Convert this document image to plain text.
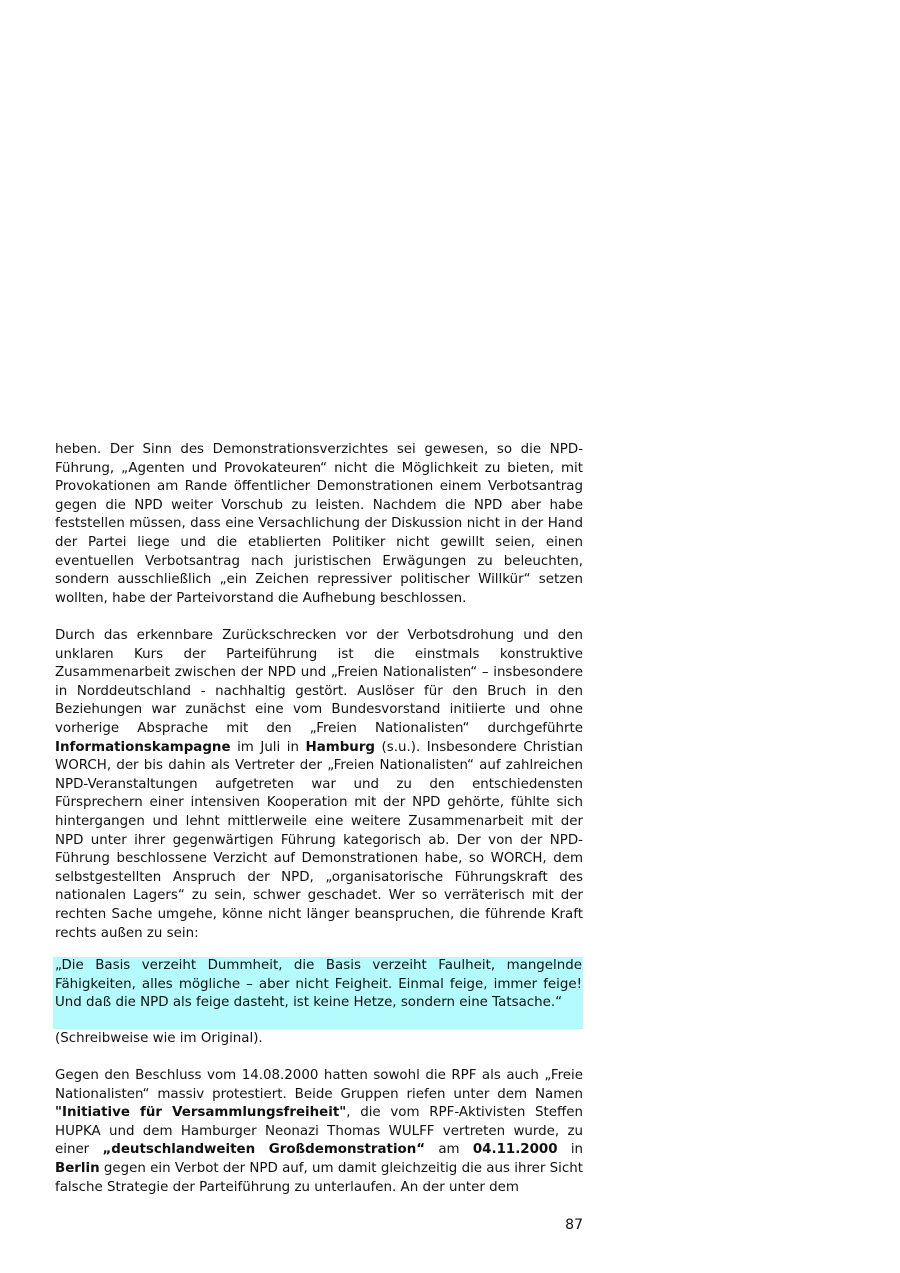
heben. Der Sinn des Demonstrationsverzichtes sei gewesen, so die NPD-Führung, „Agenten und Provokateuren“ nicht die Möglichkeit zu bieten, mit Provokationen am Rande öffentlicher Demonstrationen einem Verbotsantrag gegen die NPD weiter Vorschub zu leisten. Nachdem die NPD aber habe feststellen müssen, dass eine Versachlichung der Diskussion nicht in der Hand der Partei liege und die etablierten Politiker nicht gewillt seien, einen eventuellen Verbotsantrag nach juristischen Erwägungen zu beleuchten, sondern ausschließlich „ein Zeichen repressiver politischer Willkür“ setzen wollten, habe der Parteivorstand die Aufhebung beschlossen.

Durch das erkennbare Zurückschrecken vor der Verbotsdrohung und den unklaren Kurs der Parteiführung ist die einstmals konstruktive Zusammenarbeit zwischen der NPD und „Freien Nationalisten“ – insbesondere in Norddeutschland - nachhaltig gestört. Auslöser für den Bruch in den Beziehungen war zunächst eine vom Bundesvorstand initiierte und ohne vorherige Absprache mit den „Freien Nationalisten“ durchgeführte Informationskampagne im Juli in Hamburg (s.u.). Insbesondere Christian WORCH, der bis dahin als Vertreter der „Freien Nationalisten“ auf zahlreichen NPD-Veranstaltungen aufgetreten war und zu den entschiedensten Fürsprechern einer intensiven Kooperation mit der NPD gehörte, fühlte sich hintergangen und lehnt mittlerweile eine weitere Zusammenarbeit mit der NPD unter ihrer gegenwärtigen Führung kategorisch ab. Der von der NPD-Führung beschlossene Verzicht auf Demonstrationen habe, so WORCH, dem selbstgestellten Anspruch der NPD, „organisatorische Führungskraft des nationalen Lagers“ zu sein, schwer geschadet. Wer so verräterisch mit der rechten Sache umgehe, könne nicht länger beanspruchen, die führende Kraft rechts außen zu sein:

„Die Basis verzeiht Dummheit, die Basis verzeiht Faulheit, mangelnde Fähigkeiten, alles mögliche – aber nicht Feigheit. Einmal feige, immer feige! Und daß die NPD als feige dasteht, ist keine Hetze, sondern eine Tatsache.“

(Schreibweise wie im Original).

Gegen den Beschluss vom 14.08.2000 hatten sowohl die RPF als auch „Freie Nationalisten“ massiv protestiert. Beide Gruppen riefen unter dem Namen "Initiative für Versammlungsfreiheit", die vom RPF-Aktivisten Steffen HUPKA und dem Hamburger Neonazi Thomas WULFF vertreten wurde, zu einer „deutschlandweiten Großdemonstration“ am 04.11.2000 in Berlin gegen ein Verbot der NPD auf, um damit gleichzeitig die aus ihrer Sicht falsche Strategie der Parteiführung zu unterlaufen. An der unter dem

87
